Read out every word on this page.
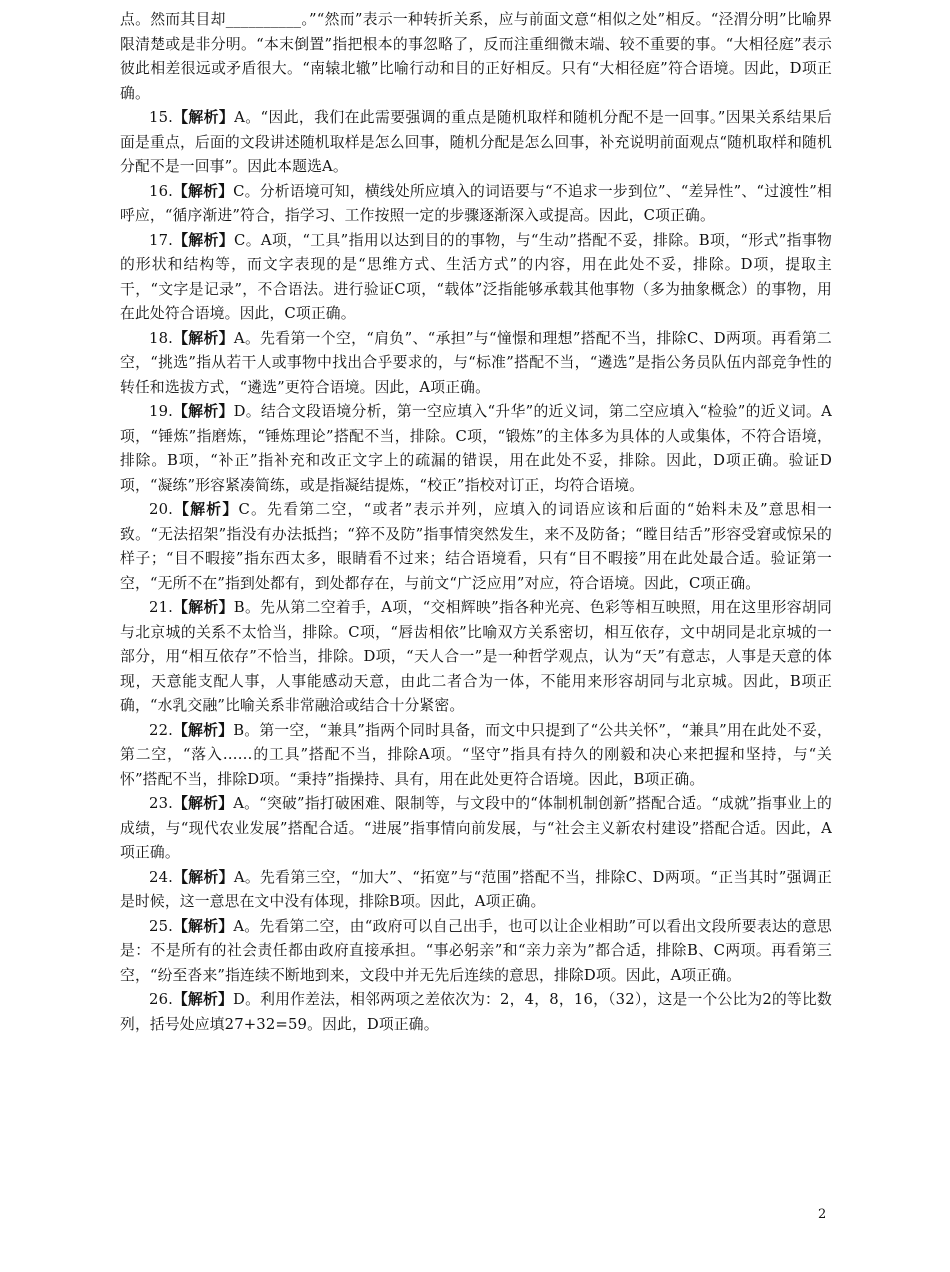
点。然而其目却__________。”“然而”表示一种转折关系，应与前面文意“相似之处”相反。“泾渭分明”比喻界限清楚或是非分明。“本末倒置”指把根本的事忽略了，反而注重细微末端、较不重要的事。“大相径庭”表示彼此相差很远或矛盾很大。“南辕北辙”比喻行动和目的正好相反。只有“大相径庭”符合语境。因此，D项正确。

15.【解析】A。“因此，我们在此需要强调的重点是随机取样和随机分配不是一回事。”因果关系结果后面是重点，后面的文段讲述随机取样是怎么回事，随机分配是怎么回事，补充说明前面观点“随机取样和随机分配不是一回事”。因此本题选A。

16.【解析】C。分析语境可知，横线处所应填入的词语要与“不追求一步到位”、“差异性”、“过渡性”相呼应，“循序渐进”符合，指学习、工作按照一定的步骤逐渐深入或提高。因此，C项正确。

17.【解析】C。A项，“工具”指用以达到目的的事物，与“生动”搭配不妥，排除。B项，“形式”指事物的形状和结构等，而文字表现的是“思维方式、生活方式”的内容，用在此处不妥，排除。D项，提取主干，“文字是记录”，不合语法。进行验证C项，“载体”泛指能够承载其他事物（多为抽象概念）的事物，用在此处符合语境。因此，C项正确。

18.【解析】A。先看第一个空，“肩负”、“承担”与“憧憬和理想”搭配不当，排除C、D两项。再看第二空，“挑选”指从若干人或事物中找出合乎要求的，与“标准”搭配不当，“遴选”是指公务员队伍内部竞争性的转任和选拔方式，“遴选”更符合语境。因此，A项正确。

19.【解析】D。结合文段语境分析，第一空应填入“升华”的近义词，第二空应填入“检验”的近义词。A项，“锤炼”指磨炼，“锤炼理论”搭配不当，排除。C项，“锻炼”的主体多为具体的人或集体，不符合语境，排除。B项，“补正”指补充和改正文字上的疏漏的错误，用在此处不妥，排除。因此，D项正确。验证D项，“凝练”形容紧凑简练，或是指凝结提炼，“校正”指校对订正，均符合语境。

20.【解析】C。先看第二空，“或者”表示并列，应填入的词语应该和后面的“始料未及”意思相一致。“无法招架”指没有办法抵挡；“猝不及防”指事情突然发生，来不及防备；“瞠目结舌”形容受窘或惊呆的样子；“目不暇接”指东西太多，眼睛看不过来；结合语境看，只有“目不暇接”用在此处最合适。验证第一空，“无所不在”指到处都有，到处都存在，与前文“广泛应用”对应，符合语境。因此，C项正确。

21.【解析】B。先从第二空着手，A项，“交相辉映”指各种光亮、色彩等相互映照，用在这里形容胡同与北京城的关系不太恰当，排除。C项，“唇齿相依”比喻双方关系密切，相互依存，文中胡同是北京城的一部分，用“相互依存”不恰当，排除。D项，“天人合一”是一种哲学观点，认为“天”有意志，人事是天意的体现，天意能支配人事，人事能感动天意，由此二者合为一体，不能用来形容胡同与北京城。因此，B项正确，“水乳交融”比喻关系非常融洽或结合十分紧密。

22.【解析】B。第一空，“兼具”指两个同时具备，而文中只提到了“公共关怀”，“兼具”用在此处不妥，第二空，“落入……的工具”搭配不当，排除A项。“坚守”指具有持久的刚毅和决心来把握和坚持，与“关怀”搭配不当，排除D项。“秉持”指操持、具有，用在此处更符合语境。因此，B项正确。

23.【解析】A。“突破”指打破困难、限制等，与文段中的“体制机制创新”搭配合适。“成就”指事业上的成绩，与“现代农业发展”搭配合适。“进展”指事情向前发展，与“社会主义新农村建设”搭配合适。因此，A项正确。

24.【解析】A。先看第三空，“加大”、“拓宽”与“范围”搭配不当，排除C、D两项。“正当其时”强调正是时候，这一意思在文中没有体现，排除B项。因此，A项正确。

25.【解析】A。先看第二空，由“政府可以自己出手，也可以让企业相助”可以看出文段所要表达的意思是：不是所有的社会责任都由政府直接承担。“事必躬亲”和“亲力亲为”都合适，排除B、C两项。再看第三空，“纷至沓来”指连续不断地到来，文段中并无先后连续的意思，排除D项。因此，A项正确。

26.【解析】D。利用作差法，相邻两项之差依次为：2，4，8，16，（32），这是一个公比为2的等比数列，括号处应填27+32=59。因此，D项正确。

2
